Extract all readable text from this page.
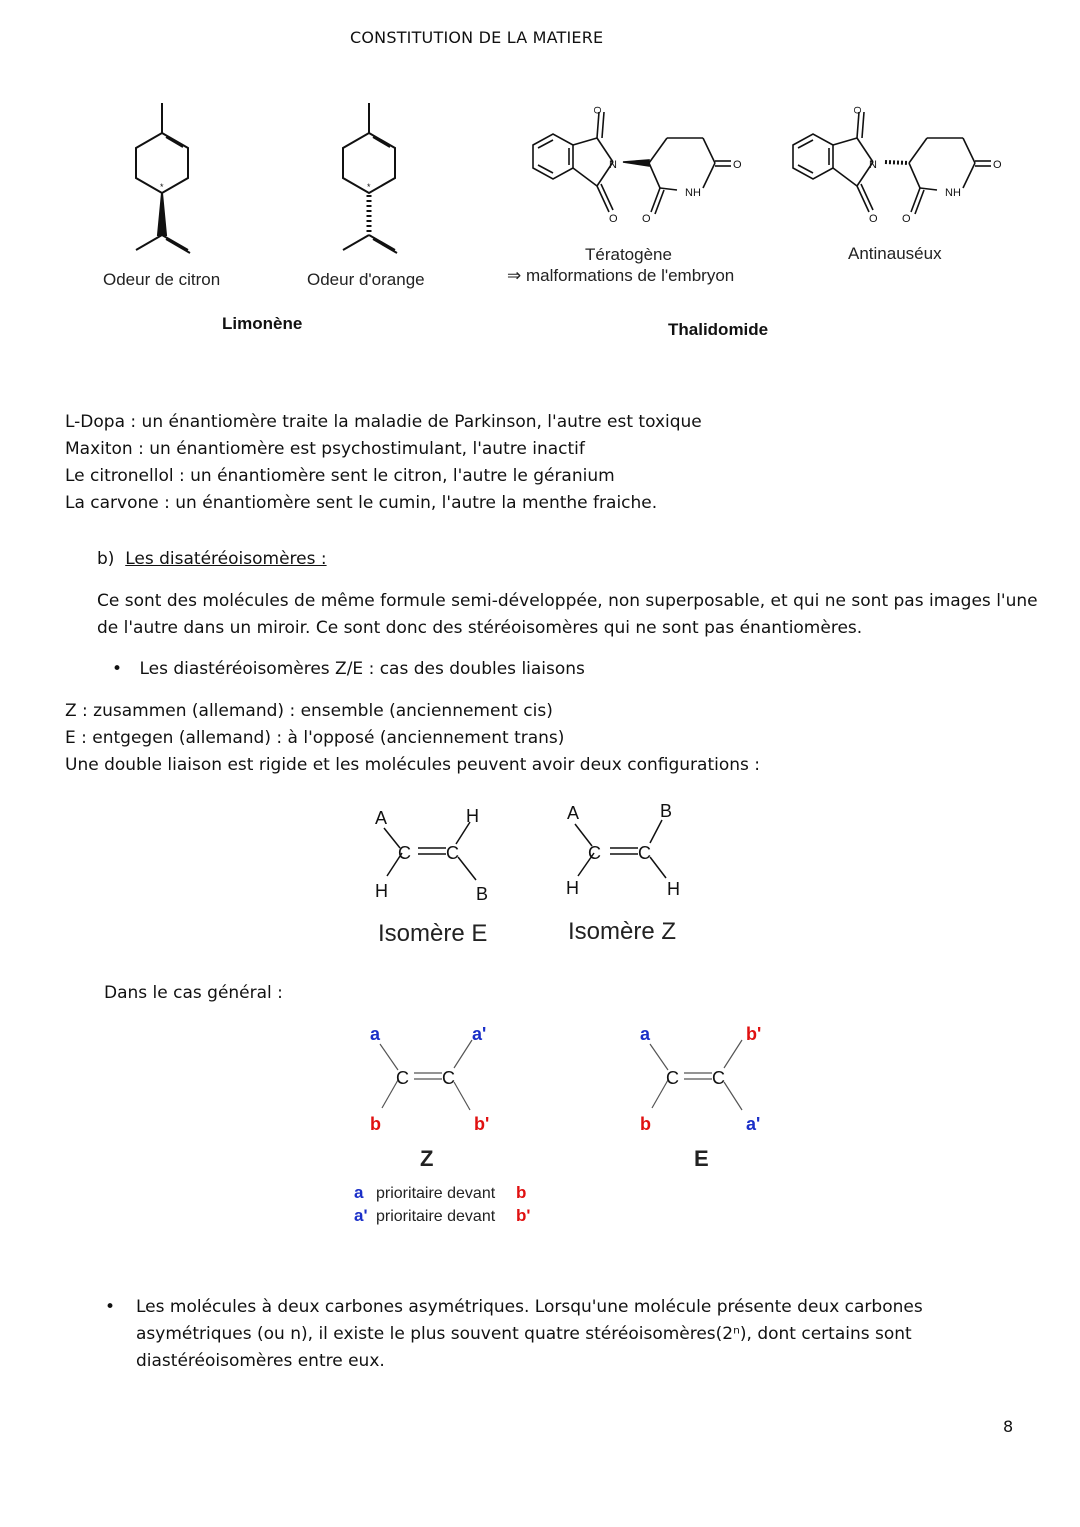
CONSTITUTION DE LA MATIERE
*	*
Odeur de citron	Odeur d'orange
Limonène
N
O
O O
O
NH
N
O
O O
O
NH
Tératogène
⇒ malformations de l'embryon
Antinauséux
Thalidomide
L-Dopa : un énantiomère traite la maladie de Parkinson, l'autre est toxique
Maxiton : un énantiomère est psychostimulant, l'autre inactif
Le citronellol : un énantiomère sent le citron, l'autre le géranium
La carvone : un énantiomère sent le cumin, l'autre la menthe fraiche.
b) Les disatéréoisomères :
Ce sont des molécules de même formule semi-développée, non superposable, et qui ne sont pas images l'une
de l'autre dans un miroir. Ce sont donc des stéréoisomères qui ne sont pas énantiomères.
• Les diastéréoisomères Z/E : cas des doubles liaisons
Z : zusammen (allemand) : ensemble (anciennement cis)
E : entgegen (allemand) : à l'opposé (anciennement trans)
Une double liaison est rigide et les molécules peuvent avoir deux configurations :
A	H
C C
H	B
Isomère E
A	B
C C
H	H
Isomère Z
Dans le cas général :
a	a'
C C
b	b'
Z
a	b'
C C
b	a'
E
a prioritaire devant b
a' prioritaire devant b'
• Les molécules à deux carbones asymétriques. Lorsqu'une molécule présente deux carbones
asymétriques (ou n), il existe le plus souvent quatre stéréoisomères(2ⁿ), dont certains sont
diastéréoisomères entre eux.
8
